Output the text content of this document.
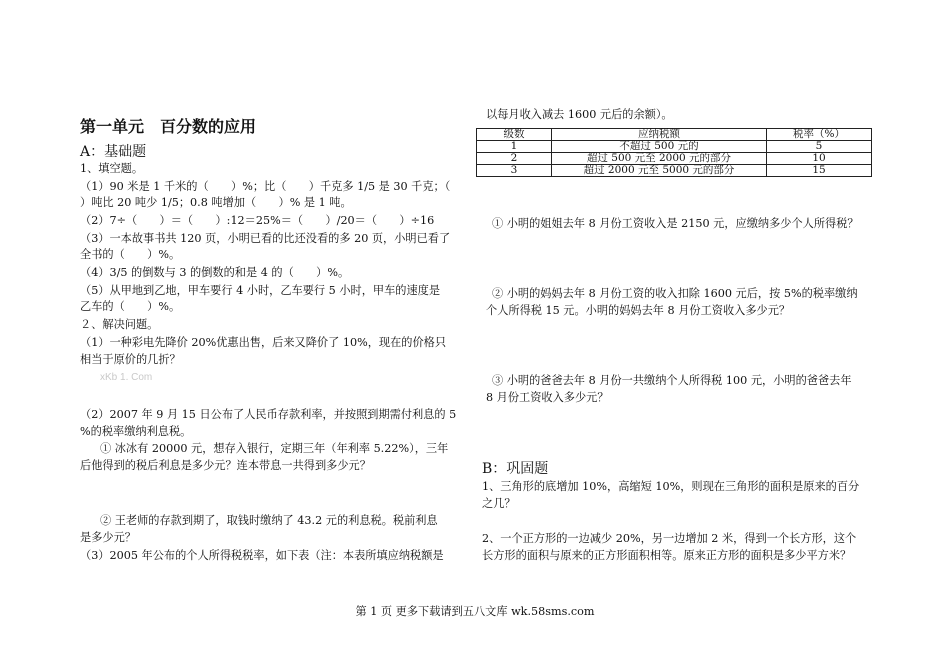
第一单元　百分数的应用
A：基础题
1、填空题。
（1）90 米是 1 千米的（　　）%；比（　　）千克多 1/5 是 30 千克；（
）吨比 20 吨少 1/5；0.8 吨增加（　　）% 是 1 吨。
（2）7÷（　　）＝（　　）:12＝25%＝（　　）/20＝（　　）÷16
（3）一本故事书共 120 页，小明已看的比还没看的多 20 页，小明已看了
全书的（　　）%。
（4）3/5 的倒数与 3 的倒数的和是 4 的（　　）%。
（5）从甲地到乙地，甲车要行 4 小时，乙车要行 5 小时，甲车的速度是
乙车的（　　）%。
２、解决问题。
（1）一种彩电先降价 20%优惠出售，后来又降价了 10%，现在的价格只
相当于原价的几折？
xKb 1. Com
（2）2007 年 9 月 15 日公布了人民币存款利率，并按照到期需付利息的 5
%的税率缴纳利息税。
① 冰冰有 20000 元，想存入银行，定期三年（年利率 5.22%），三年
后他得到的税后利息是多少元？连本带息一共得到多少元？
② 王老师的存款到期了，取钱时缴纳了 43.2 元的利息税。税前利息
是多少元？
（3）2005 年公布的个人所得税税率，如下表（注：本表所填应纳税额是
以每月收入减去 1600 元后的余额）。
级数	应纳税额	税率（%）
1	不超过 500 元的	5
2	超过 500 元至 2000 元的部分	10
3	超过 2000 元至 5000 元的部分	15
① 小明的姐姐去年 8 月份工资收入是 2150 元，应缴纳多少个人所得税？
② 小明的妈妈去年 8 月份工资的收入扣除 1600 元后，按 5%的税率缴纳
个人所得税 15 元。小明的妈妈去年 8 月份工资收入多少元？
③ 小明的爸爸去年 8 月份一共缴纳个人所得税 100 元，小明的爸爸去年
8 月份工资收入多少元？
B：巩固题
1、三角形的底增加 10%，高缩短 10%，则现在三角形的面积是原来的百分
之几？
2、一个正方形的一边减少 20%，另一边增加 2 米，得到一个长方形，这个
长方形的面积与原来的正方形面积相等。原来正方形的面积是多少平方米？
第 1 页 更多下载请到五八文库 wk.58sms.com
